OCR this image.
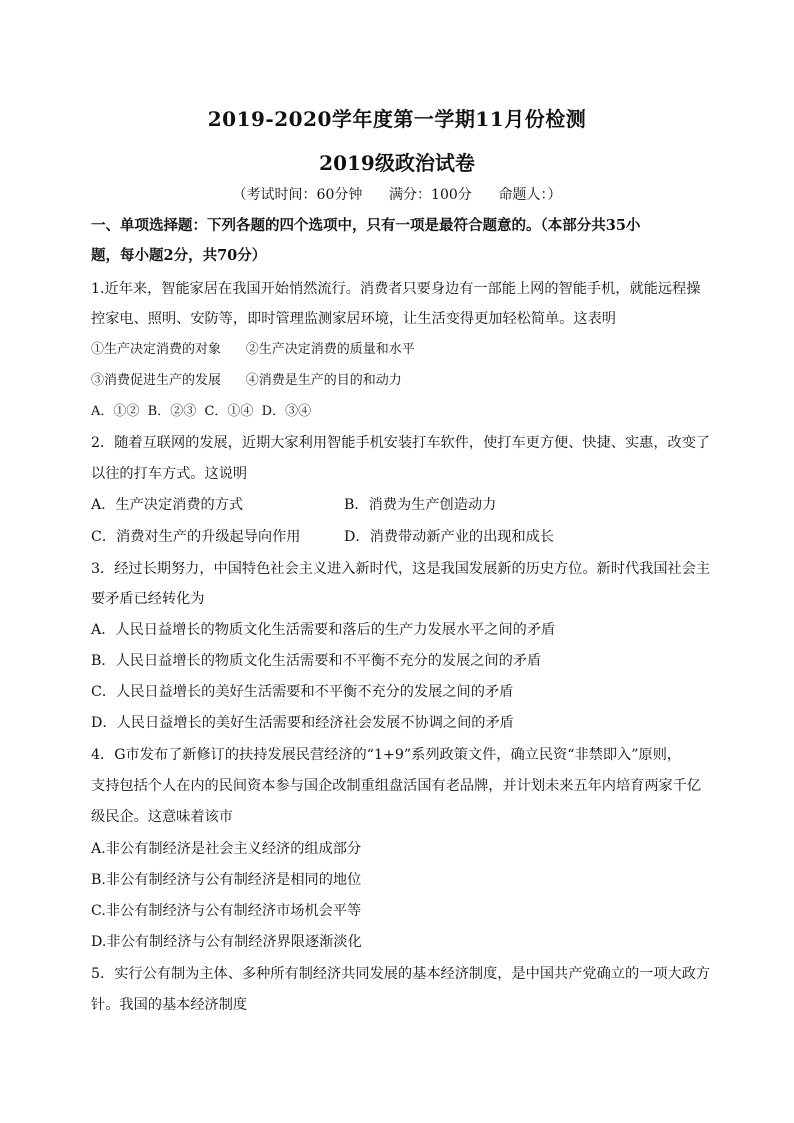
2019-2020学年度第一学期11月份检测
2019级政治试卷
（考试时间：60分钟      满分：100分      命题人：）
一、单项选择题：下列各题的四个选项中，只有一项是最符合题意的。（本部分共35小
题，每小题2分，共70分）
1.近年来，智能家居在我国开始悄然流行。消费者只要身边有一部能上网的智能手机，就能远程操
控家电、照明、安防等，即时管理监测家居环境，让生活变得更加轻松简单。这表明
①生产决定消费的对象      ②生产决定消费的质量和水平
③消费促进生产的发展      ④消费是生产的目的和动力
A．①②  B．②③  C．①④  D．③④
2．随着互联网的发展，近期大家利用智能手机安装打车软件，使打车更方便、快捷、实惠，改变了
以往的打车方式。这说明
A．生产决定消费的方式	B．消费为生产创造动力
C．消费对生产的升级起导向作用	D．消费带动新产业的出现和成长
3．经过长期努力，中国特色社会主义进入新时代，这是我国发展新的历史方位。新时代我国社会主
要矛盾已经转化为
A．人民日益增长的物质文化生活需要和落后的生产力发展水平之间的矛盾
B．人民日益增长的物质文化生活需要和不平衡不充分的发展之间的矛盾
C．人民日益增长的美好生活需要和不平衡不充分的发展之间的矛盾
D．人民日益增长的美好生活需要和经济社会发展不协调之间的矛盾
4．G市发布了新修订的扶持发展民营经济的“1+9”系列政策文件，确立民资“非禁即入”原则，
支持包括个人在内的民间资本参与国企改制重组盘活国有老品牌，并计划未来五年内培育两家千亿
级民企。这意味着该市
A.非公有制经济是社会主义经济的组成部分
B.非公有制经济与公有制经济是相同的地位
C.非公有制经济与公有制经济市场机会平等
D.非公有制经济与公有制经济界限逐渐淡化
5．实行公有制为主体、多种所有制经济共同发展的基本经济制度，是中国共产党确立的一项大政方
针。我国的基本经济制度
